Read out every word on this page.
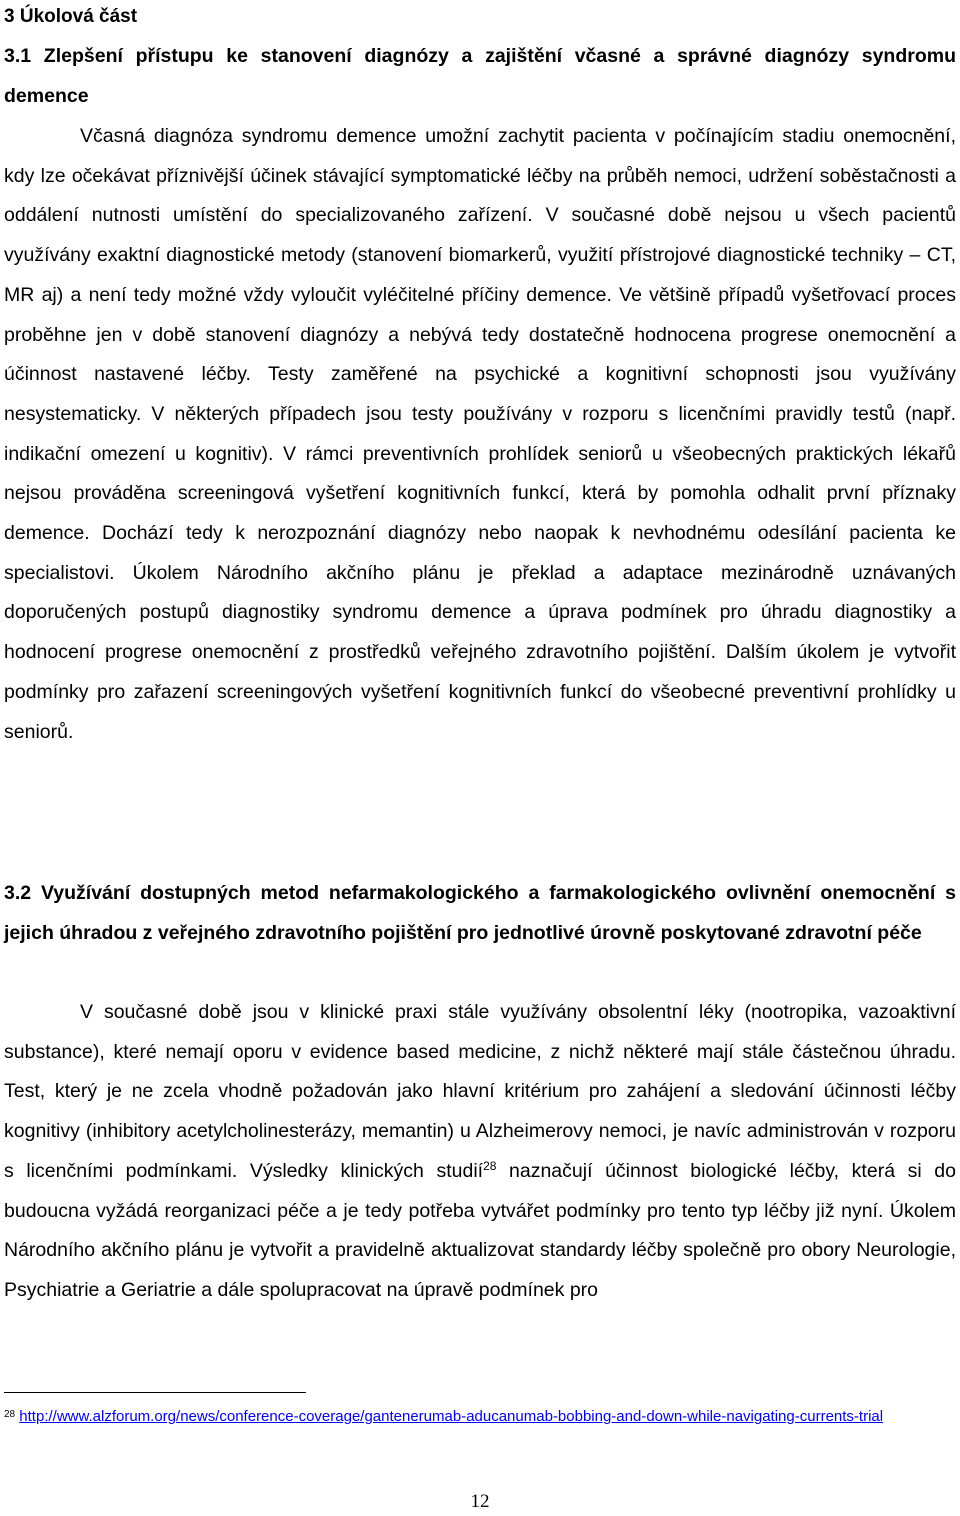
3 Úkolová část
3.1 Zlepšení přístupu ke stanovení diagnózy a zajištění včasné a správné diagnózy syndromu demence
Včasná diagnóza syndromu demence umožní zachytit pacienta v počínajícím stadiu onemocnění, kdy lze očekávat příznivější účinek stávající symptomatické léčby na průběh nemoci, udržení soběstačnosti a oddálení nutnosti umístění do specializovaného zařízení. V současné době nejsou u všech pacientů využívány exaktní diagnostické metody (stanovení biomarkerů, využití přístrojové diagnostické techniky – CT, MR aj) a není tedy možné vždy vyloučit vyléčitelné příčiny demence. Ve většině případů vyšetřovací proces proběhne jen v době stanovení diagnózy a nebývá tedy dostatečně hodnocena progrese onemocnění a účinnost nastavené léčby. Testy zaměřené na psychické a kognitivní schopnosti jsou využívány nesystematicky. V některých případech jsou testy používány v rozporu s licenčními pravidly testů (např. indikační omezení u kognitiv). V rámci preventivních prohlídek seniorů u všeobecných praktických lékařů nejsou prováděna screeningová vyšetření kognitivních funkcí, která by pomohla odhalit první příznaky demence. Dochází tedy k nerozpoznání diagnózy nebo naopak k nevhodnému odesílání pacienta ke specialistovi. Úkolem Národního akčního plánu je překlad a adaptace mezinárodně uznávaných doporučených postupů diagnostiky syndromu demence a úprava podmínek pro úhradu diagnostiky a hodnocení progrese onemocnění z prostředků veřejného zdravotního pojištění. Dalším úkolem je vytvořit podmínky pro zařazení screeningových vyšetření kognitivních funkcí do všeobecné preventivní prohlídky u seniorů.
3.2 Využívání dostupných metod nefarmakologického a farmakologického ovlivnění onemocnění s jejich úhradou z veřejného zdravotního pojištění pro jednotlivé úrovně poskytované zdravotní péče
V současné době jsou v klinické praxi stále využívány obsolentní léky (nootropika, vazoaktivní substance), které nemají oporu v evidence based medicine, z nichž některé mají stále částečnou úhradu. Test, který je ne zcela vhodně požadován jako hlavní kritérium pro zahájení a sledování účinnosti léčby kognitivy (inhibitory acetylcholinesterázy, memantin) u Alzheimerovy nemoci, je navíc administrován v rozporu s licenčními podmínkami. Výsledky klinických studií$^{28}$ naznačují účinnost biologické léčby, která si do budoucna vyžádá reorganizaci péče a je tedy potřeba vytvářet podmínky pro tento typ léčby již nyní. Úkolem Národního akčního plánu je vytvořit a pravidelně aktualizovat standardy léčby společně pro obory Neurologie, Psychiatrie a Geriatrie a dále spolupracovat na úpravě podmínek pro
$^{28}$ http://www.alzforum.org/news/conference-coverage/gantenerumab-aducanumab-bobbing-and-down-while-navigating-currents-trial
12
